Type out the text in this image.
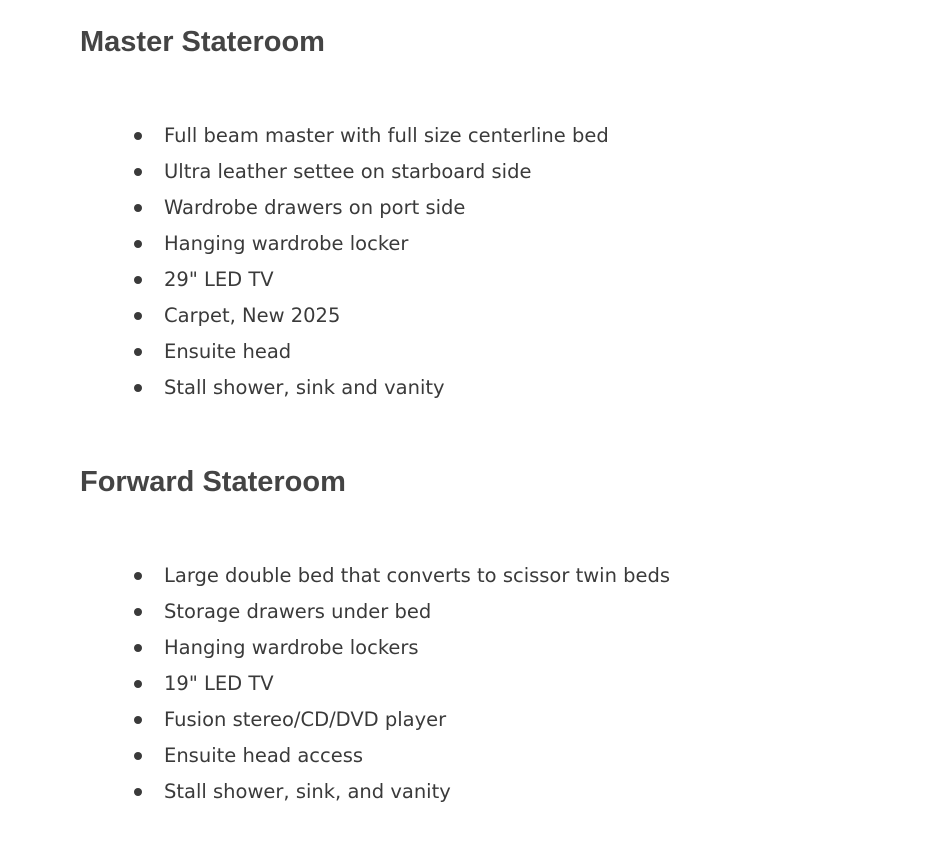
Master Stateroom
Full beam master with full size centerline bed
Ultra leather settee on starboard side
Wardrobe drawers on port side
Hanging wardrobe locker
29" LED TV
Carpet, New 2025
Ensuite head
Stall shower, sink and vanity
Forward Stateroom
Large double bed that converts to scissor twin beds
Storage drawers under bed
Hanging wardrobe lockers
19" LED TV
Fusion stereo/CD/DVD player
Ensuite head access
Stall shower, sink, and vanity
